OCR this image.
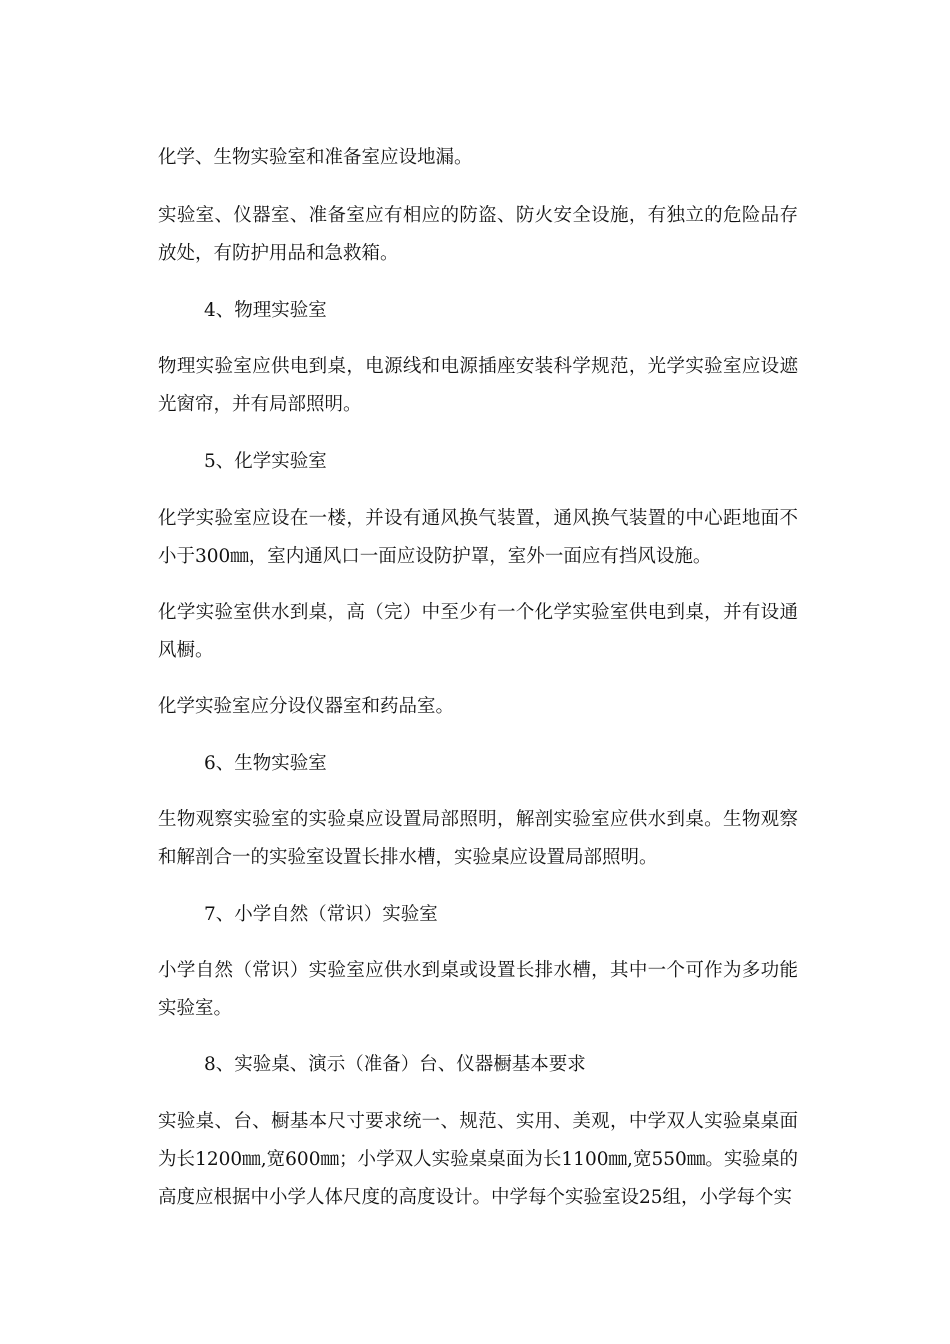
化学、生物实验室和准备室应设地漏。

实验室、仪器室、准备室应有相应的防盗、防火安全设施，有独立的危险品存放处，有防护用品和急救箱。

4、物理实验室

物理实验室应供电到桌，电源线和电源插座安装科学规范，光学实验室应设遮光窗帘，并有局部照明。

5、化学实验室

化学实验室应设在一楼，并设有通风换气装置，通风换气装置的中心距地面不小于300㎜，室内通风口一面应设防护罩，室外一面应有挡风设施。

化学实验室供水到桌，高（完）中至少有一个化学实验室供电到桌，并有设通风橱。

化学实验室应分设仪器室和药品室。

6、生物实验室

生物观察实验室的实验桌应设置局部照明，解剖实验室应供水到桌。生物观察和解剖合一的实验室设置长排水槽，实验桌应设置局部照明。

7、小学自然（常识）实验室

小学自然（常识）实验室应供水到桌或设置长排水槽，其中一个可作为多功能实验室。

8、实验桌、演示（准备）台、仪器橱基本要求

实验桌、台、橱基本尺寸要求统一、规范、实用、美观，中学双人实验桌桌面为长1200㎜,宽600㎜；小学双人实验桌桌面为长1100㎜,宽550㎜。实验桌的高度应根据中小学人体尺度的高度设计。中学每个实验室设25组，小学每个实
